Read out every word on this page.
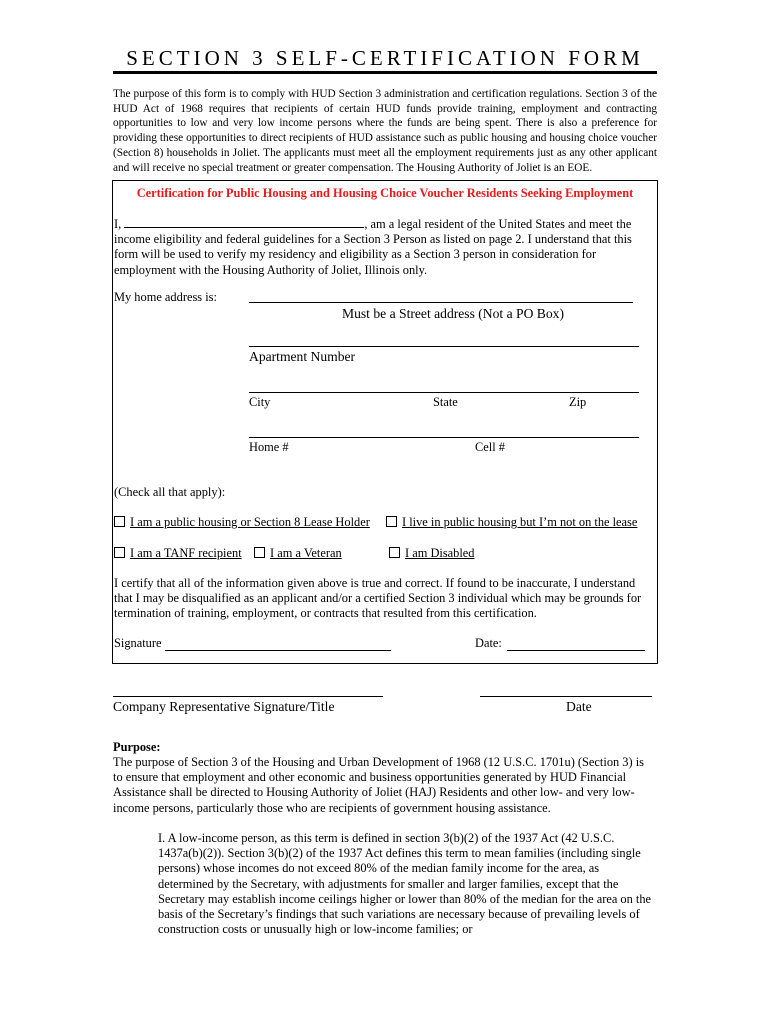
SECTION 3 SELF-CERTIFICATION FORM
The purpose of this form is to comply with HUD Section 3 administration and certification regulations. Section 3 of the HUD Act of 1968 requires that recipients of certain HUD funds provide training, employment and contracting opportunities to low and very low income persons where the funds are being spent. There is also a preference for providing these opportunities to direct recipients of HUD assistance such as public housing and housing choice voucher (Section 8) households in Joliet. The applicants must meet all the employment requirements just as any other applicant and will receive no special treatment or greater compensation. The Housing Authority of Joliet is an EOE.
Certification for Public Housing and Housing Choice Voucher Residents Seeking Employment
I,	, am a legal resident of the United States and meet the income eligibility and federal guidelines for a Section 3 Person as listed on page 2. I understand that this form will be used to verify my residency and eligibility as a Section 3 person in consideration for employment with the Housing Authority of Joliet, Illinois only.
My home address is:
Must be a Street address (Not a PO Box)
Apartment Number
City	State	Zip
Home #	Cell #
(Check all that apply):
I am a public housing or Section 8 Lease Holder	I live in public housing but I’m not on the lease
I am a TANF recipient	I am a Veteran	I am Disabled
I certify that all of the information given above is true and correct. If found to be inaccurate, I understand that I may be disqualified as an applicant and/or a certified Section 3 individual which may be grounds for termination of training, employment, or contracts that resulted from this certification.
Signature	Date:
Company Representative Signature/Title	Date
Purpose:
The purpose of Section 3 of the Housing and Urban Development of 1968 (12 U.S.C. 1701u) (Section 3) is to ensure that employment and other economic and business opportunities generated by HUD Financial Assistance shall be directed to Housing Authority of Joliet (HAJ) Residents and other low- and very low-income persons, particularly those who are recipients of government housing assistance.
I. A low-income person, as this term is defined in section 3(b)(2) of the 1937 Act (42 U.S.C. 1437a(b)(2)). Section 3(b)(2) of the 1937 Act defines this term to mean families (including single persons) whose incomes do not exceed 80% of the median family income for the area, as determined by the Secretary, with adjustments for smaller and larger families, except that the Secretary may establish income ceilings higher or lower than 80% of the median for the area on the basis of the Secretary’s findings that such variations are necessary because of prevailing levels of construction costs or unusually high or low-income families; or
